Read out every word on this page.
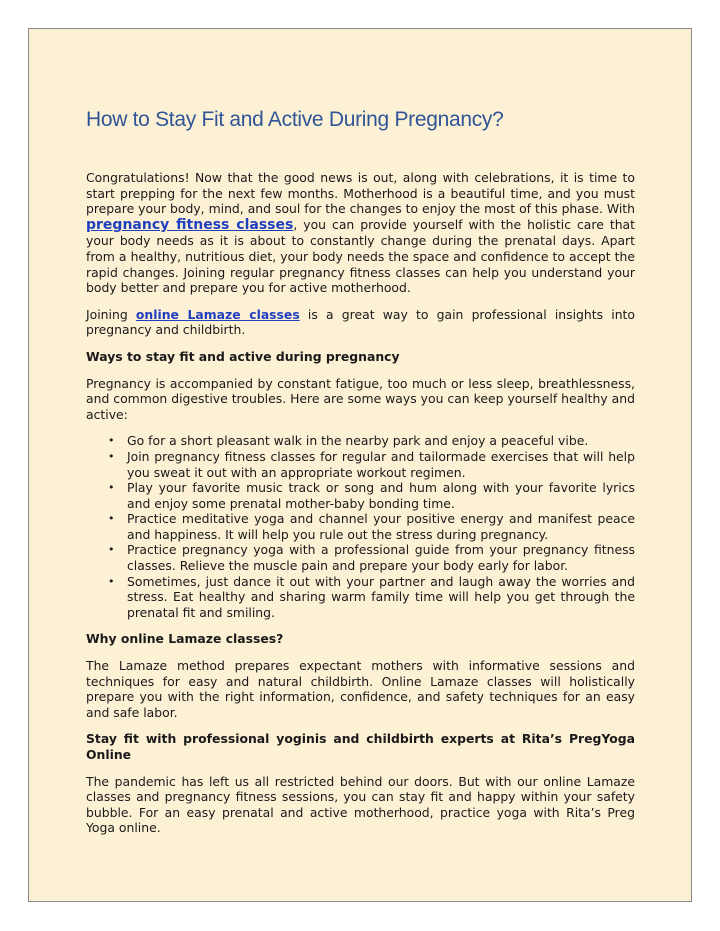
How to Stay Fit and Active During Pregnancy?

Congratulations! Now that the good news is out, along with celebrations, it is time to start prepping for the next few months. Motherhood is a beautiful time, and you must prepare your body, mind, and soul for the changes to enjoy the most of this phase. With pregnancy fitness classes, you can provide yourself with the holistic care that your body needs as it is about to constantly change during the prenatal days. Apart from a healthy, nutritious diet, your body needs the space and confidence to accept the rapid changes. Joining regular pregnancy fitness classes can help you understand your body better and prepare you for active motherhood.

Joining online Lamaze classes is a great way to gain professional insights into pregnancy and childbirth.

Ways to stay fit and active during pregnancy

Pregnancy is accompanied by constant fatigue, too much or less sleep, breathlessness, and common digestive troubles. Here are some ways you can keep yourself healthy and active:

• Go for a short pleasant walk in the nearby park and enjoy a peaceful vibe.
• Join pregnancy fitness classes for regular and tailormade exercises that will help you sweat it out with an appropriate workout regimen.
• Play your favorite music track or song and hum along with your favorite lyrics and enjoy some prenatal mother-baby bonding time.
• Practice meditative yoga and channel your positive energy and manifest peace and happiness. It will help you rule out the stress during pregnancy.
• Practice pregnancy yoga with a professional guide from your pregnancy fitness classes. Relieve the muscle pain and prepare your body early for labor.
• Sometimes, just dance it out with your partner and laugh away the worries and stress. Eat healthy and sharing warm family time will help you get through the prenatal fit and smiling.
Why online Lamaze classes?

The Lamaze method prepares expectant mothers with informative sessions and techniques for easy and natural childbirth. Online Lamaze classes will holistically prepare you with the right information, confidence, and safety techniques for an easy and safe labor.

Stay fit with professional yoginis and childbirth experts at Rita’s PregYoga Online

The pandemic has left us all restricted behind our doors. But with our online Lamaze classes and pregnancy fitness sessions, you can stay fit and happy within your safety bubble. For an easy prenatal and active motherhood, practice yoga with Rita’s Preg Yoga online.
